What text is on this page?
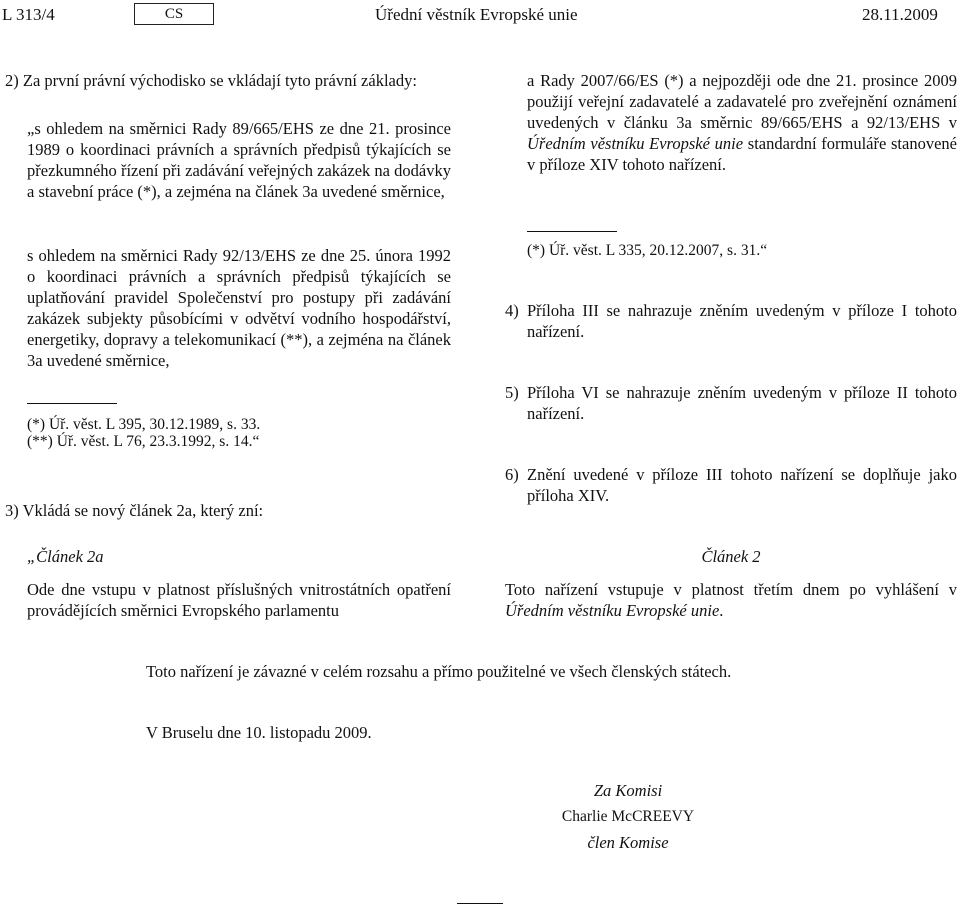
L 313/4	CS	Úřední věstník Evropské unie	28.11.2009

2) Za první právní východisko se vkládají tyto právní základy:

„s ohledem na směrnici Rady 89/665/EHS ze dne 21. prosince 1989 o koordinaci právních a správních předpisů týkajících se přezkumného řízení při zadávání veřejných zakázek na dodávky a stavební práce (*), a zejména na článek 3a uvedené směrnice,
s ohledem na směrnici Rady 92/13/EHS ze dne 25. února 1992 o koordinaci právních a správních předpisů týkajících se uplatňování pravidel Společenství pro postupy při zadávání zakázek subjekty působícími v odvětví vodního hospodářství, energetiky, dopravy a telekomunikací (**), a zejména na článek 3a uvedené směrnice,
(*) Úř. věst. L 395, 30.12.1989, s. 33.
(**) Úř. věst. L 76, 23.3.1992, s. 14.“
3) Vkládá se nový článek 2a, který zní:
„Článek 2a
Ode dne vstupu v platnost příslušných vnitrostátních opatření provádějících směrnici Evropského parlamentu
a Rady 2007/66/ES (*) a nejpozději ode dne 21. prosince 2009 použijí veřejní zadavatelé a zadavatelé pro zveřejnění oznámení uvedených v článku 3a směrnic 89/665/EHS a 92/13/EHS v Úředním věstníku Evropské unie standardní formuláře stanovené v příloze XIV tohoto nařízení.
(*) Úř. věst. L 335, 20.12.2007, s. 31.“
4) Příloha III se nahrazuje zněním uvedeným v příloze I tohoto nařízení.
5) Příloha VI se nahrazuje zněním uvedeným v příloze II tohoto nařízení.
6) Znění uvedené v příloze III tohoto nařízení se doplňuje jako příloha XIV.
Článek 2
Toto nařízení vstupuje v platnost třetím dnem po vyhlášení v Úředním věstníku Evropské unie.
Toto nařízení je závazné v celém rozsahu a přímo použitelné ve všech členských státech.
V Bruselu dne 10. listopadu 2009.
Za Komisi
Charlie McCREEVY
člen Komise
